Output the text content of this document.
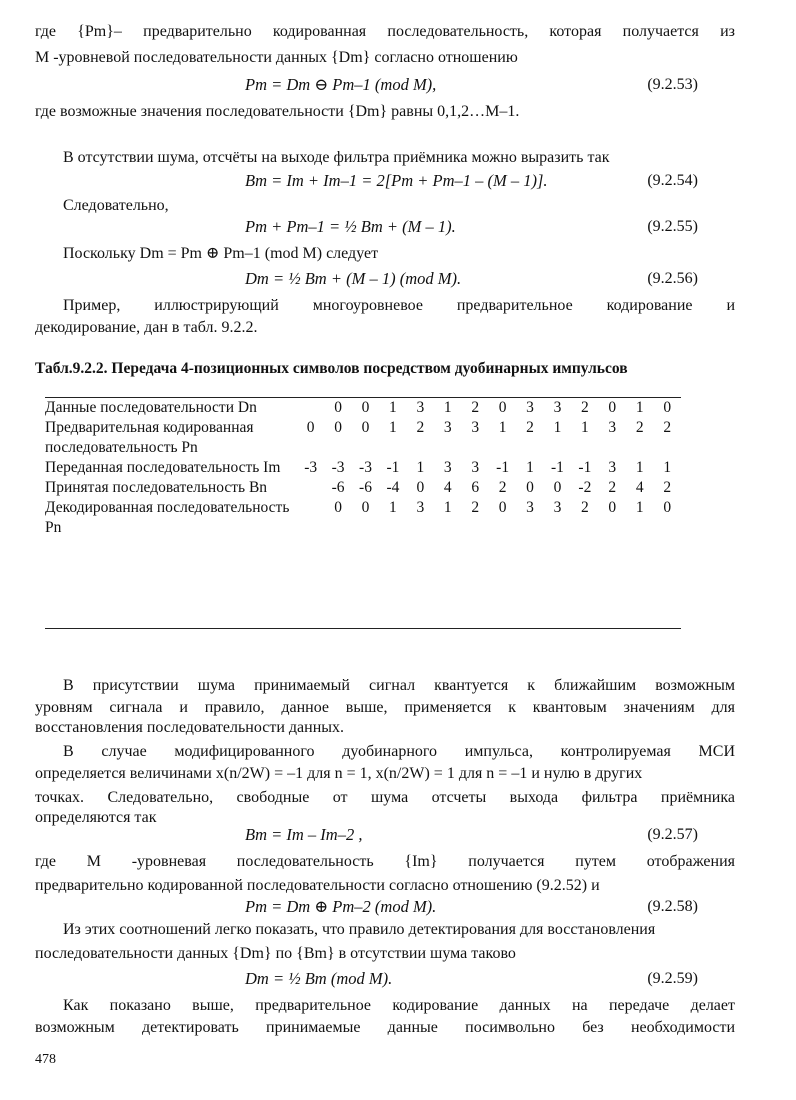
где {Pm}– предварительно кодированная последовательность, которая получается из
M -уровневой последовательности данных {Dm} согласно отношению
Pm = Dm ⊖ Pm–1 (mod M),	(9.2.53)
где возможные значения последовательности {Dm} равны 0,1,2…M–1.
В отсутствии шума, отсчёты на выходе фильтра приёмника можно выразить так
Bm = Im + Im–1 = 2[Pm + Pm–1 – (M – 1)].	(9.2.54)
Следовательно,
Pm + Pm–1 = ½ Bm + (M – 1).	(9.2.55)
Поскольку Dm = Pm ⊕ Pm–1 (mod M) следует
Dm = ½ Bm + (M – 1) (mod M).	(9.2.56)
Пример, иллюстрирующий многоуровневое предварительное кодирование и
декодирование, дан в табл. 9.2.2.
Табл.9.2.2. Передача 4-позиционных символов посредством дуобинарных импульсов
Данные последовательности Dn		0	0	1	3	1	2	0	3	3	2	0	1	0
Предварительная кодированная последовательность Pn	0	0	0	1	2	3	3	1	2	1	1	3	2	2
Переданная последовательность Im	-3	-3	-3	-1	1	3	3	-1	1	-1	-1	3	1	1
Принятая последовательность Bn		-6	-6	-4	0	4	6	2	0	0	-2	2	4	2
Декодированная последовательность Pn		0	0	1	3	1	2	0	3	3	2	0	1	0
В присутствии шума принимаемый сигнал квантуется к ближайшим возможным
уровням сигнала и правило, данное выше, применяется к квантовым значениям для
восстановления последовательности данных.
В случае модифицированного дуобинарного импульса, контролируемая МСИ
определяется величинами x(n/2W) = –1 для n = 1, x(n/2W) = 1 для n = –1 и нулю в других
точках. Следовательно, свободные от шума отсчеты выхода фильтра приёмника
определяются так
Bm = Im – Im–2 ,	(9.2.57)
где M -уровневая последовательность {Im} получается путем отображения
предварительно кодированной последовательности согласно отношению (9.2.52) и
Pm = Dm ⊕ Pm–2 (mod M).	(9.2.58)
Из этих соотношений легко показать, что правило детектирования для восстановления
последовательности данных {Dm} по {Bm} в отсутствии шума таково
Dm = ½ Bm (mod M).	(9.2.59)
Как показано выше, предварительное кодирование данных на передаче делает
возможным детектировать принимаемые данные посимвольно без необходимости
478
